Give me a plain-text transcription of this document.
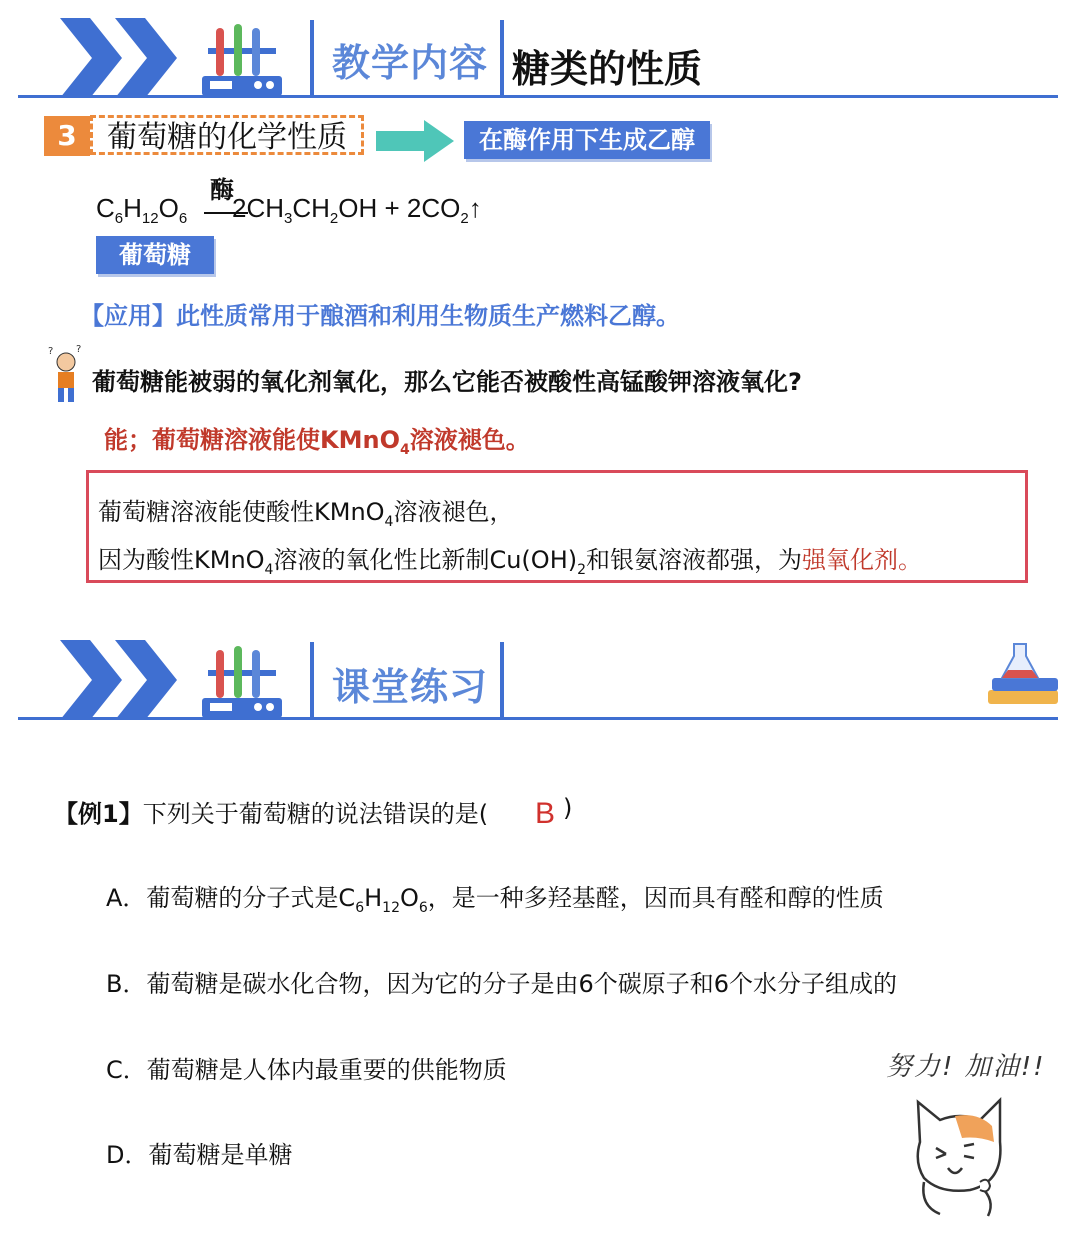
教学内容 糖类的性质
3	葡萄糖的化学性质	在酶作用下生成乙醇
$C_6H_{12}O_6$
酶
$2CH_3CH_2OH$ + $2CO_2↑$
葡萄糖
【应用】此性质常用于酿酒和利用生物质生产燃料乙醇。
? ?
葡萄糖能被弱的氧化剂氧化，那么它能否被酸性高锰酸钾溶液氧化?
能；葡萄糖溶液能使KMnO$_4$溶液褪色。
葡萄糖溶液能使酸性KMnO$_4$溶液褪色，
因为酸性KMnO$_4$溶液的氧化性比新制$Cu(OH)_2$和银氨溶液都强，为强氧化剂。
课堂练习
【例1】下列关于葡萄糖的说法错误的是( B )
A．葡萄糖的分子式是$C_6H_{12}O_6$，是一种多羟基醛，因而具有醛和醇的性质
B．葡萄糖是碳水化合物，因为它的分子是由6个碳原子和6个水分子组成的
C．葡萄糖是人体内最重要的供能物质
D．葡萄糖是单糖
努力! 加油!!
